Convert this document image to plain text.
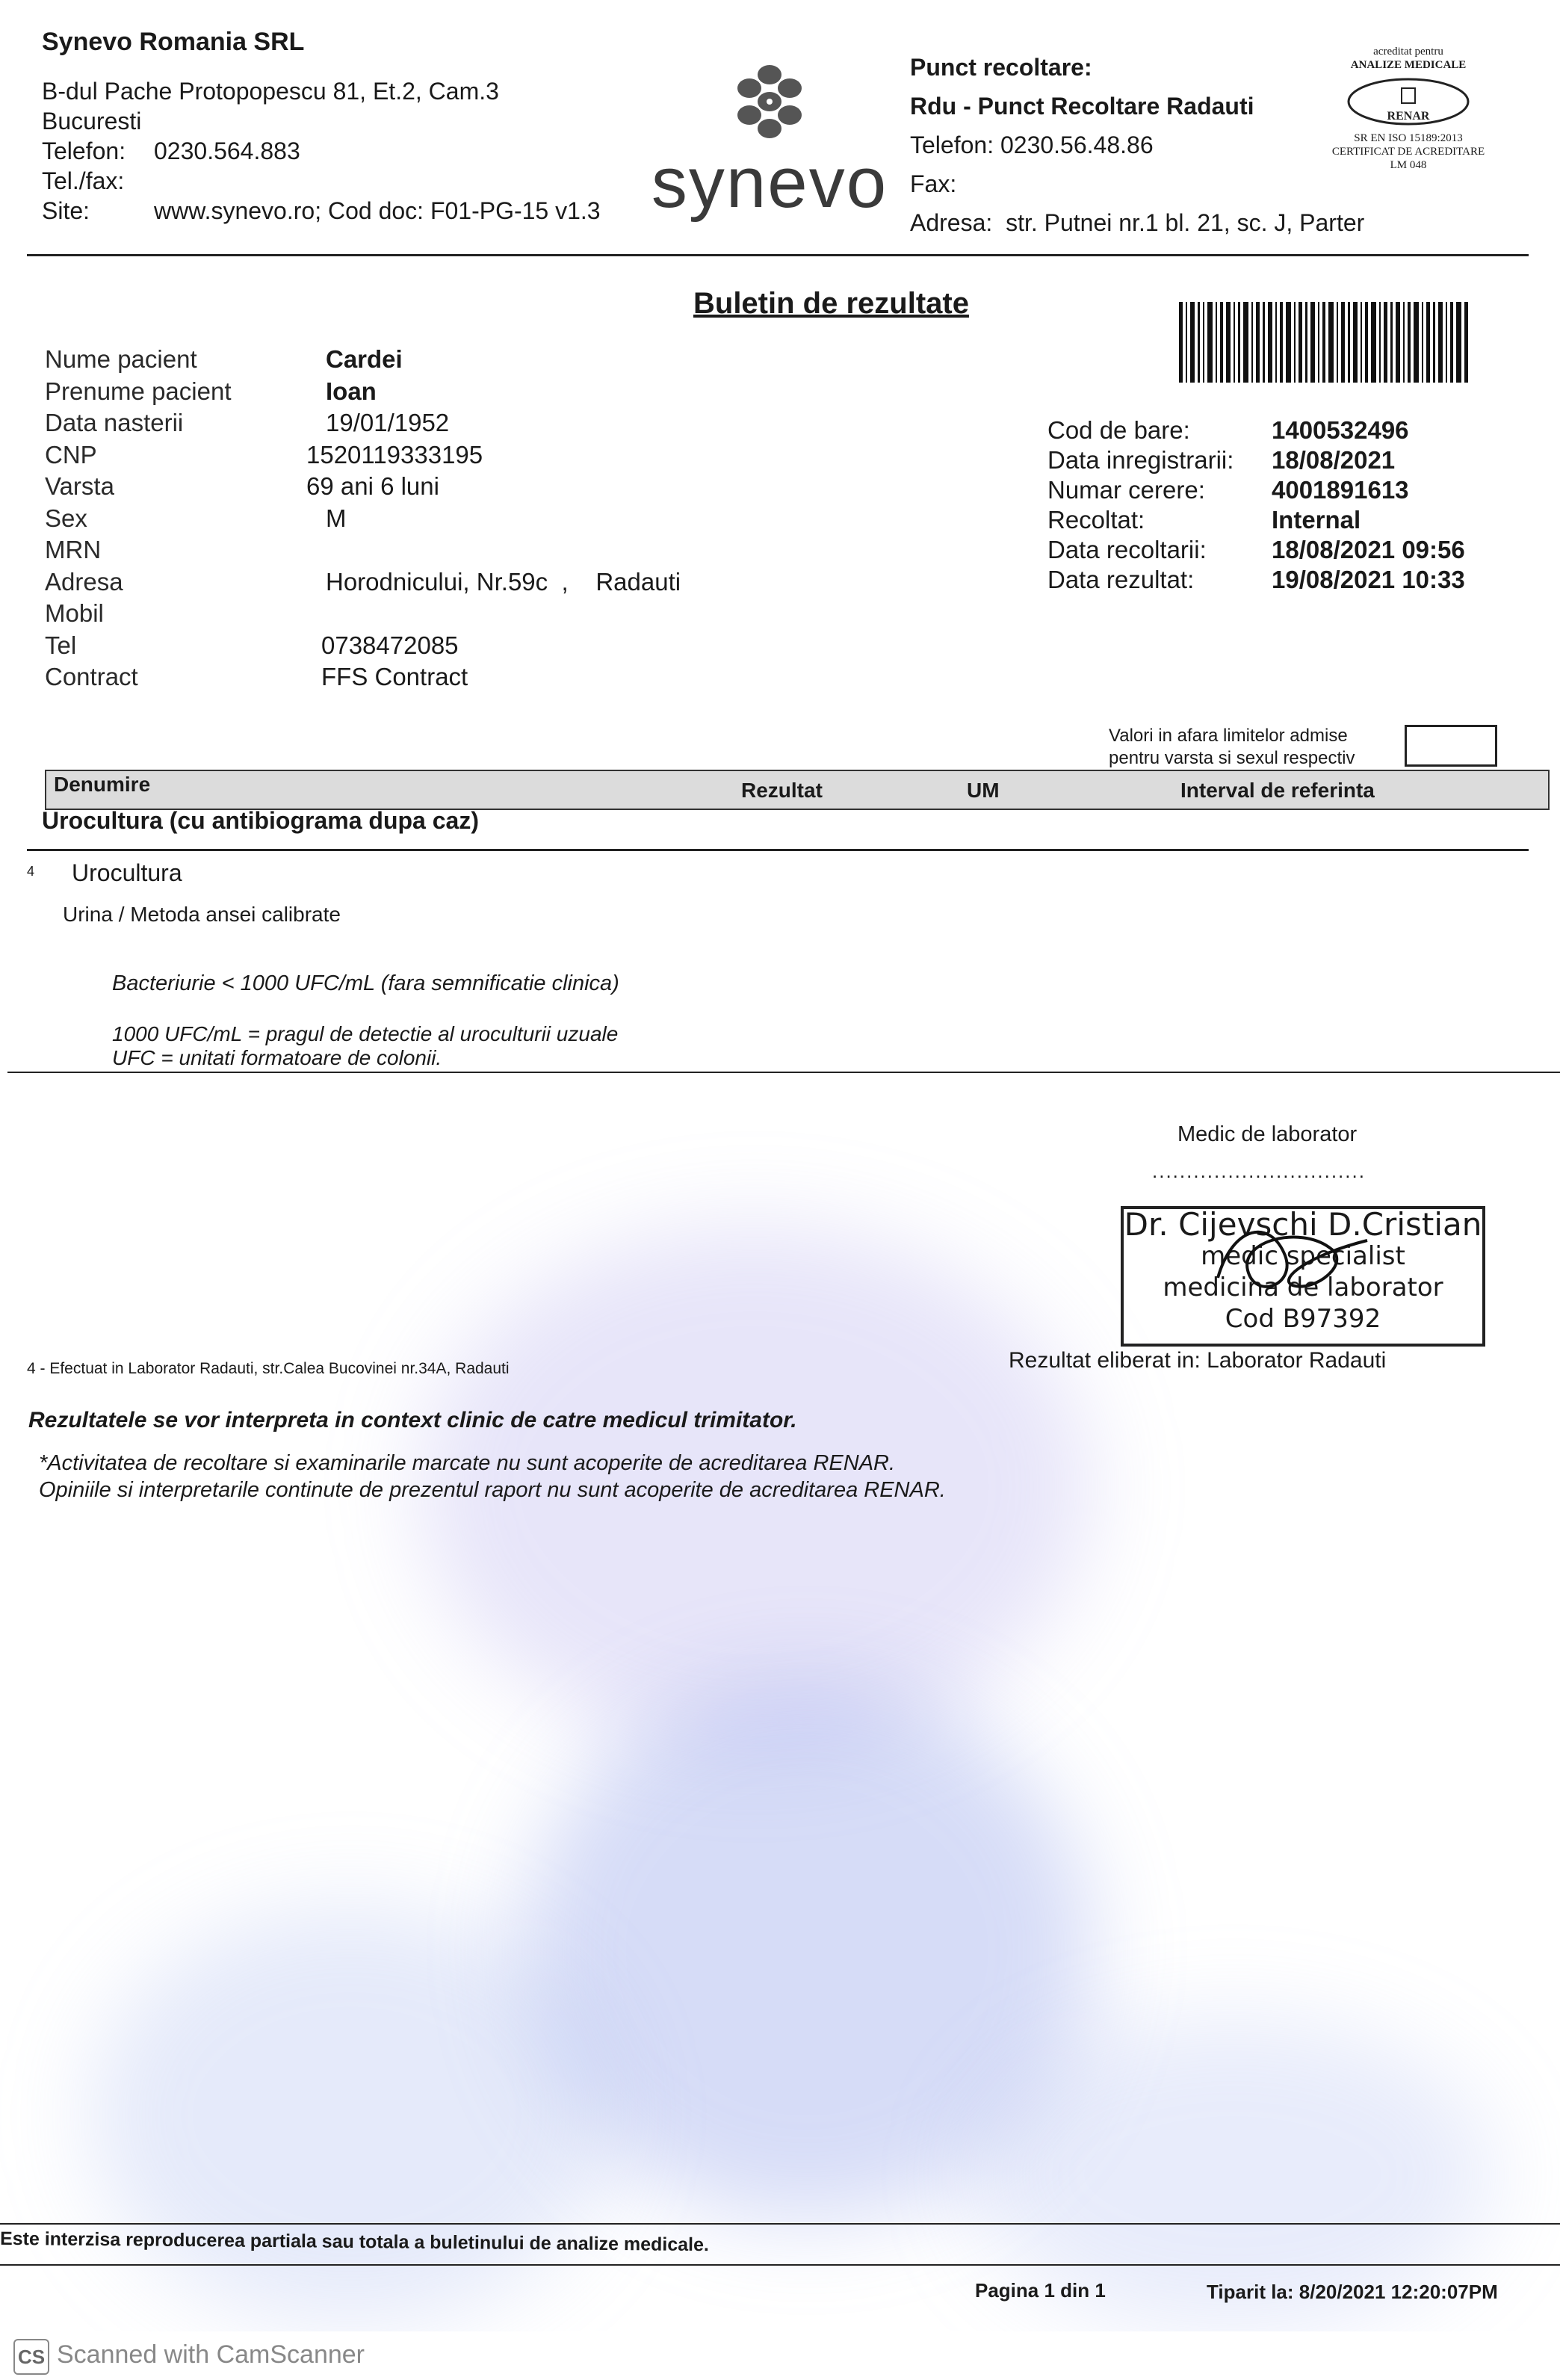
Synevo Romania SRL
B-dul Pache Protopopescu 81, Et.2, Cam.3
Bucuresti
Telefon:	0230.564.883
Tel./fax:
Site:	www.synevo.ro; Cod doc: F01-PG-15 v1.3 synevo
Punct recoltare:
Rdu - Punct Recoltare Radauti
Telefon: 0230.56.48.86
Fax:
Adresa: str. Putnei nr.1 bl. 21, sc. J, Parter
acreditat pentru
ANALIZE MEDICALE
RENAR
SR EN ISO 15189:2013
CERTIFICAT DE ACREDITARE
LM 048
Buletin de rezultate
Nume pacient	Cardei
Prenume pacient	Ioan
Data nasterii	19/01/1952
CNP	1520119333195
Varsta	69 ani 6 luni
Sex	M
MRN
Adresa	Horodnicului, Nr.59c  ,    Radauti
Mobil
Tel	0738472085
Contract	FFS Contract
Cod de bare:	1400532496
Data inregistrarii:	18/08/2021
Numar cerere:	4001891613
Recoltat:	Internal
Data recoltarii:	18/08/2021 09:56
Data rezultat:	19/08/2021 10:33
Valori in afara limitelor admise
pentru varsta si sexul respectiv
Denumire	Rezultat	UM	Interval de referinta
Urocultura (cu antibiograma dupa caz)
4 Urocultura
Urina / Metoda ansei calibrate
Bacteriurie < 1000 UFC/mL (fara semnificatie clinica)
1000 UFC/mL = pragul de detectie al uroculturii uzuale
UFC = unitati formatoare de colonii.
Medic de laborator
...............................
Dr. Cijevschi D.Cristian
medic specialist
medicina de laborator
Cod B97392
Rezultat eliberat in: Laborator Radauti
4 - Efectuat in Laborator Radauti, str.Calea Bucovinei nr.34A, Radauti
Rezultatele se vor interpreta in context clinic de catre medicul trimitator.
*Activitatea de recoltare si examinarile marcate nu sunt acoperite de acreditarea RENAR.
Opiniile si interpretarile continute de prezentul raport nu sunt acoperite de acreditarea RENAR.
Este interzisa reproducerea partiala sau totala a buletinului de analize medicale.
Pagina 1 din 1	Tiparit la: 8/20/2021 12:20:07PM
CS Scanned with CamScanner
